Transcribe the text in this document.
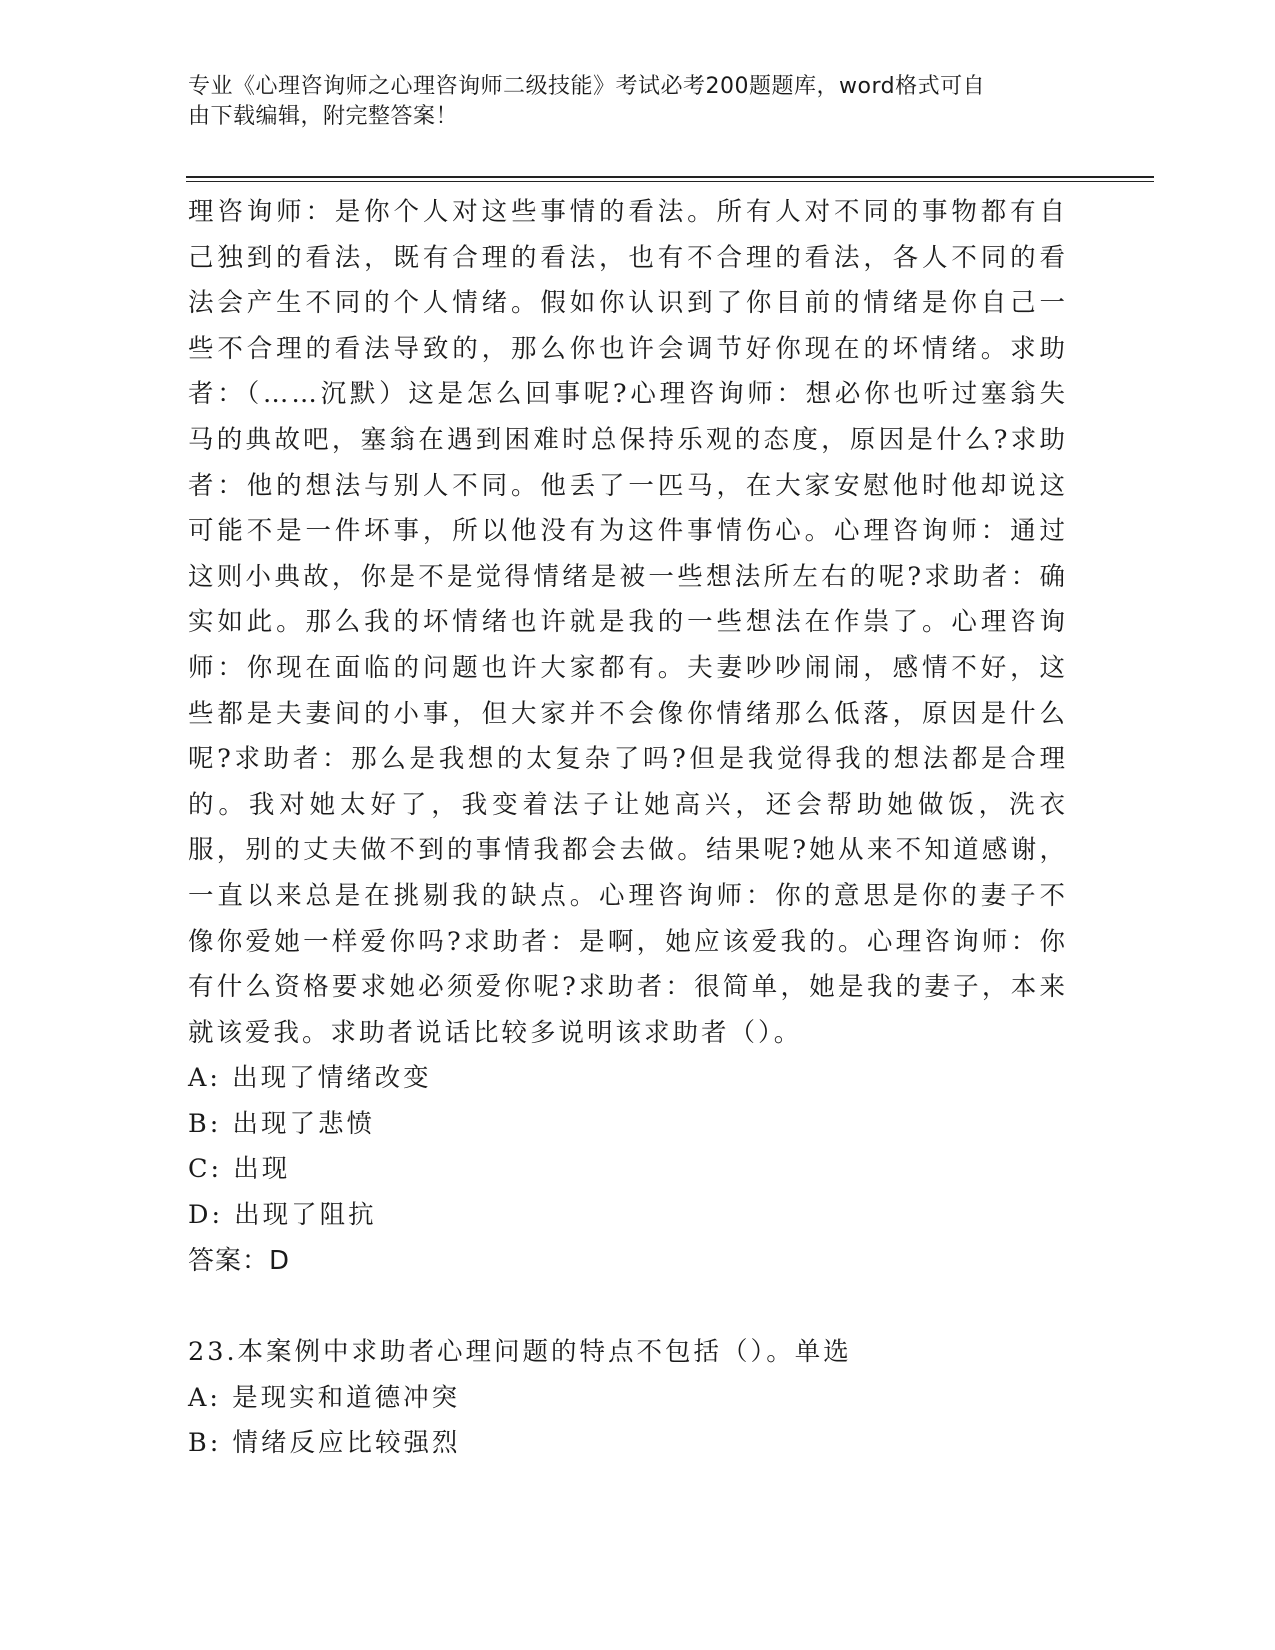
专业《心理咨询师之心理咨询师二级技能》考试必考200题题库，word格式可自
由下载编辑，附完整答案！

理咨询师：是你个人对这些事情的看法。所有人对不同的事物都有自己独到的看法，既有合理的看法，也有不合理的看法，各人不同的看法会产生不同的个人情绪。假如你认识到了你目前的情绪是你自己一些不合理的看法导致的，那么你也许会调节好你现在的坏情绪。求助者：（……沉默）这是怎么回事呢?心理咨询师：想必你也听过塞翁失马的典故吧，塞翁在遇到困难时总保持乐观的态度，原因是什么?求助者：他的想法与别人不同。他丢了一匹马，在大家安慰他时他却说这可能不是一件坏事，所以他没有为这件事情伤心。心理咨询师：通过这则小典故，你是不是觉得情绪是被一些想法所左右的呢?求助者：确实如此。那么我的坏情绪也许就是我的一些想法在作祟了。心理咨询师：你现在面临的问题也许大家都有。夫妻吵吵闹闹，感情不好，这些都是夫妻间的小事，但大家并不会像你情绪那么低落，原因是什么呢?求助者：那么是我想的太复杂了吗?但是我觉得我的想法都是合理的。我对她太好了，我变着法子让她高兴，还会帮助她做饭，洗衣服，别的丈夫做不到的事情我都会去做。结果呢?她从来不知道感谢，一直以来总是在挑剔我的缺点。心理咨询师：你的意思是你的妻子不像你爱她一样爱你吗?求助者：是啊，她应该爱我的。心理咨询师：你有什么资格要求她必须爱你呢?求助者：很简单，她是我的妻子，本来就该爱我。求助者说话比较多说明该求助者（）。

A: 出现了情绪改变

B: 出现了悲愤

C: 出现

D: 出现了阻抗

答案：D

23.本案例中求助者心理问题的特点不包括（）。单选

A: 是现实和道德冲突

B: 情绪反应比较强烈
